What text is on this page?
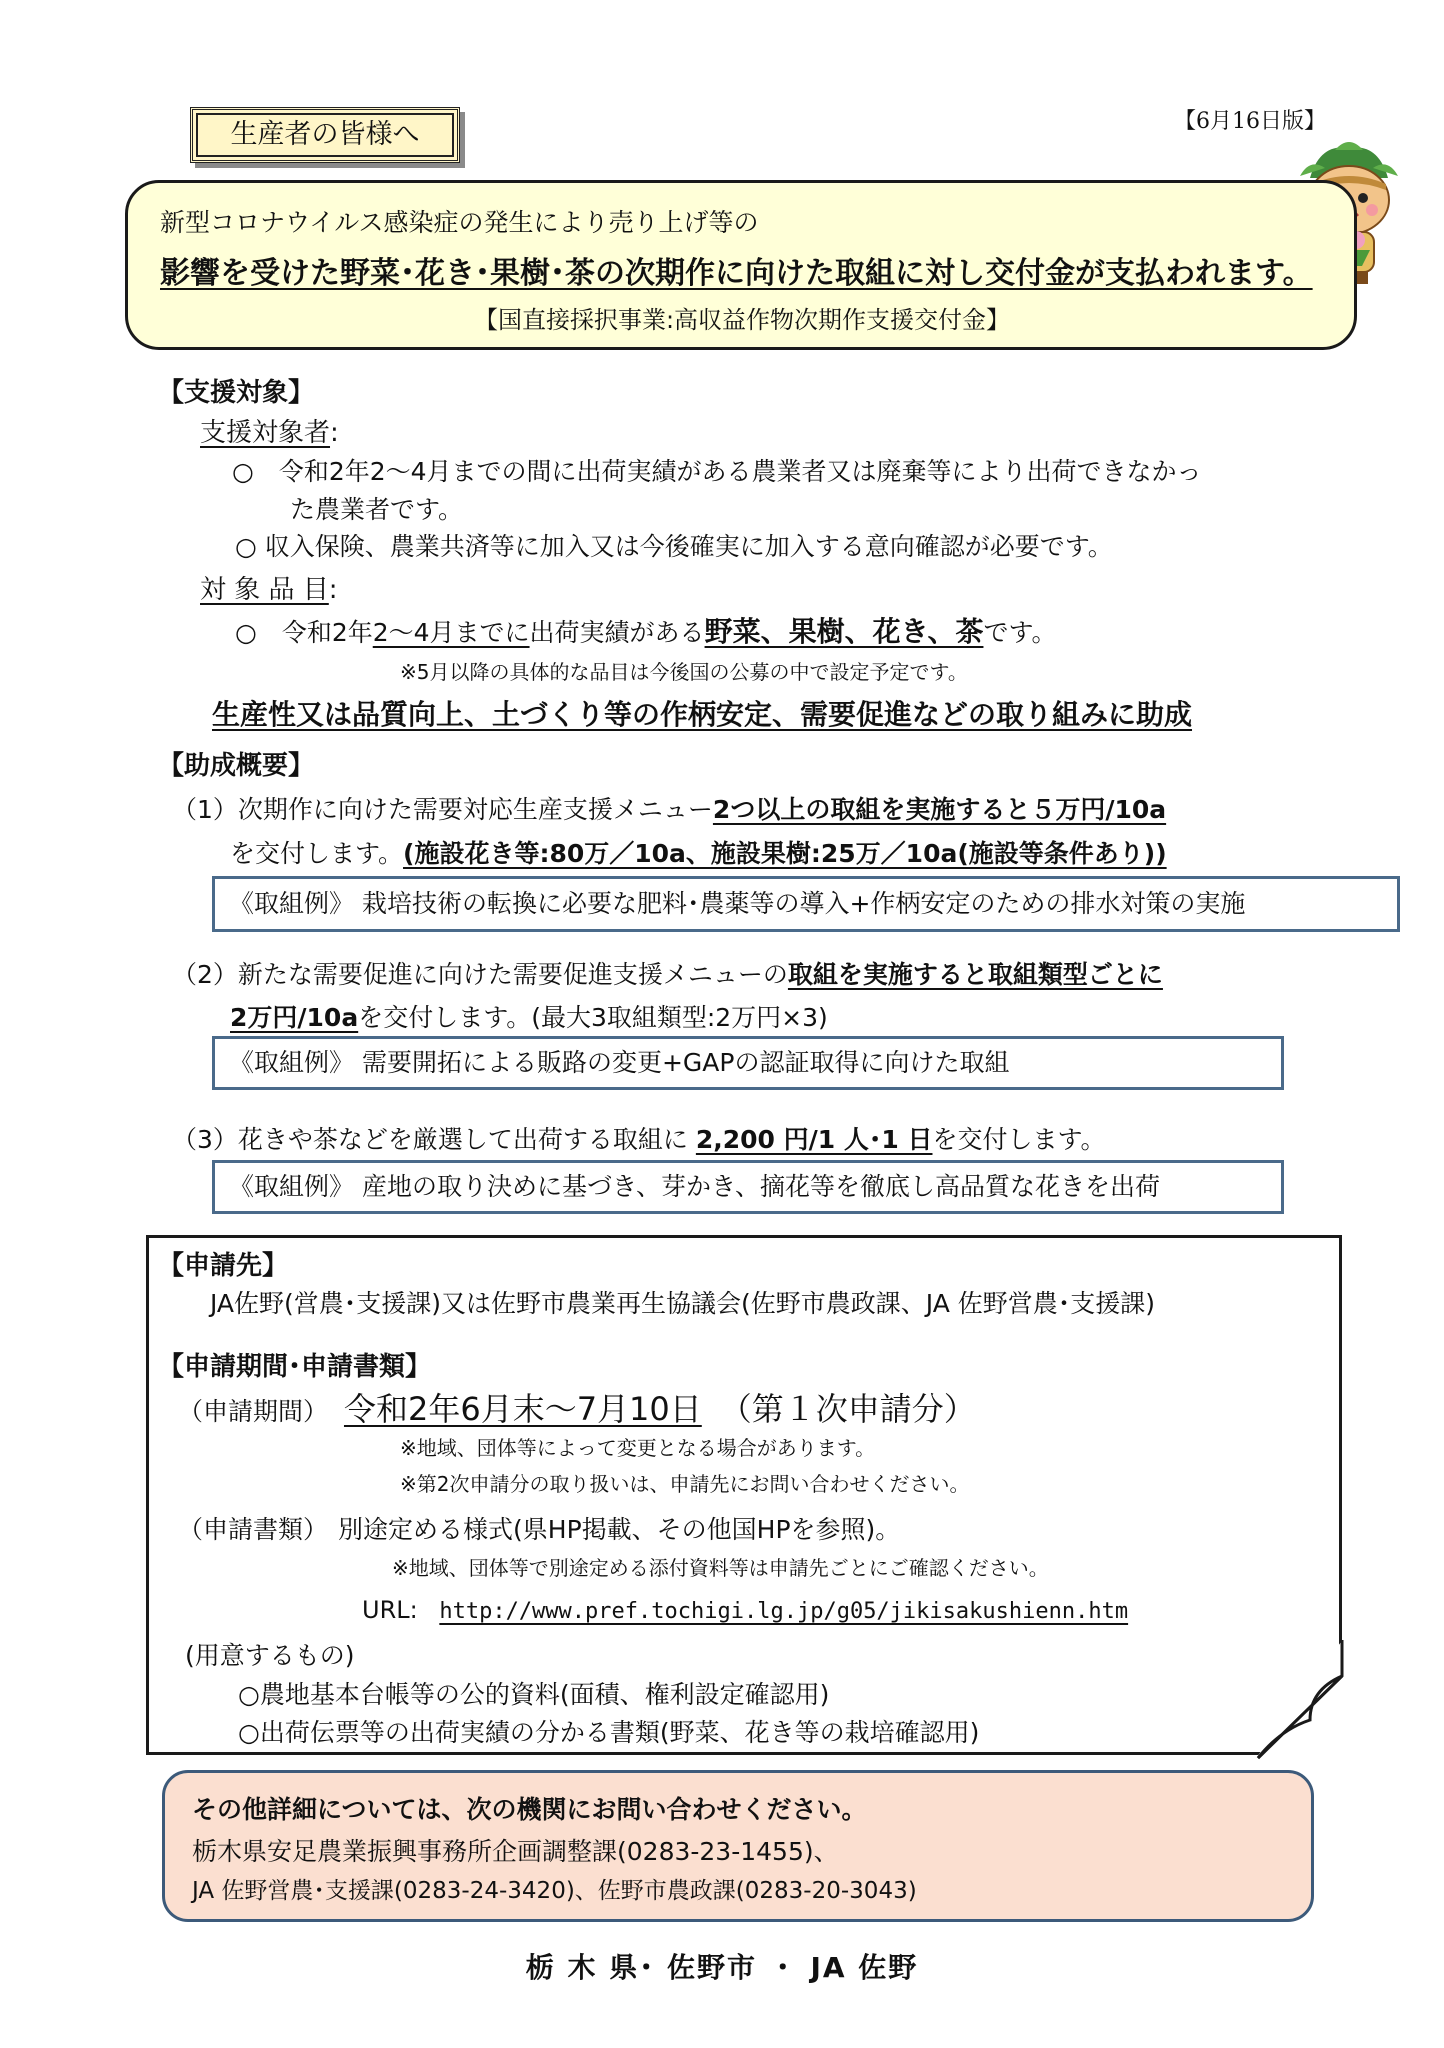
生産者の皆様へ	【6月16日版】
新型コロナウイルス感染症の発生により売り上げ等の
影響を受けた野菜･花き･果樹･茶の次期作に向けた取組に対し交付金が支払われます。
【国直接採択事業:高収益作物次期作支援交付金】
【支援対象】
支援対象者:
○　令和2年2～4月までの間に出荷実績がある農業者又は廃棄等により出荷できなかっ
た農業者です。
○ 収入保険、農業共済等に加入又は今後確実に加入する意向確認が必要です。
対 象 品 目:
○　令和2年2～4月までに出荷実績がある野菜、果樹、花き、茶です。
※5月以降の具体的な品目は今後国の公募の中で設定予定です。
生産性又は品質向上、土づくり等の作柄安定、需要促進などの取り組みに助成
【助成概要】
（1）次期作に向けた需要対応生産支援メニュー2つ以上の取組を実施すると５万円/10a
を交付します。(施設花き等:80万／10a、施設果樹:25万／10a(施設等条件あり))
《取組例》 栽培技術の転換に必要な肥料･農薬等の導入+作柄安定のための排水対策の実施
（2）新たな需要促進に向けた需要促進支援メニューの取組を実施すると取組類型ごとに
2万円/10aを交付します。(最大3取組類型:2万円×3)
《取組例》 需要開拓による販路の変更+GAPの認証取得に向けた取組
（3）花きや茶などを厳選して出荷する取組に 2,200 円/1 人･1 日を交付します。
《取組例》 産地の取り決めに基づき、芽かき、摘花等を徹底し高品質な花きを出荷
【申請先】
JA佐野(営農･支援課)又は佐野市農業再生協議会(佐野市農政課、JA 佐野営農･支援課)
【申請期間･申請書類】
（申請期間） 令和2年6月末～7月10日 （第１次申請分）
※地域、団体等によって変更となる場合があります。
※第2次申請分の取り扱いは、申請先にお問い合わせください。
（申請書類） 別途定める様式(県HP掲載、その他国HPを参照)。
※地域、団体等で別途定める添付資料等は申請先ごとにご確認ください。
URL: http://www.pref.tochigi.lg.jp/g05/jikisakushienn.htm
(用意するもの)
○農地基本台帳等の公的資料(面積、権利設定確認用)
○出荷伝票等の出荷実績の分かる書類(野菜、花き等の栽培確認用)
その他詳細については、次の機関にお問い合わせください。
栃木県安足農業振興事務所企画調整課(0283-23-1455)、
JA 佐野営農･支援課(0283-24-3420)、佐野市農政課(0283-20-3043)
栃 木 県･ 佐野市 ・ JA 佐野
